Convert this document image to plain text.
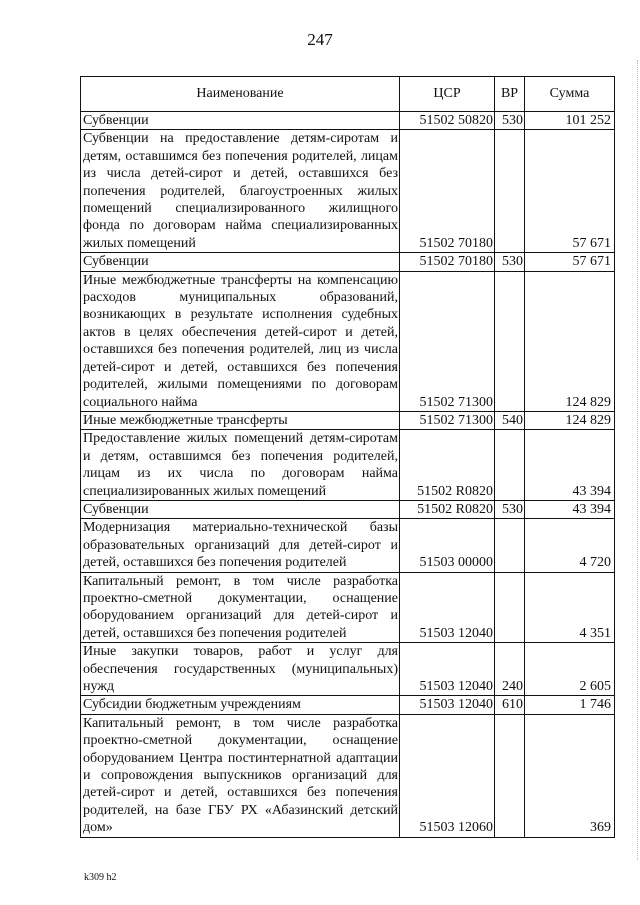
247
Наименование	ЦСР	ВР	Сумма
Субвенции	51502 50820	530	101 252
Субвенции на предоставление детям-сиротам и детям, оставшимся без попечения родителей, лицам из числа детей-сирот и детей, оставшихся без попечения родителей, благоустроенных жилых помещений специализированного жилищного фонда по договорам найма специализированных жилых помещений	51502 70180		57 671
Субвенции	51502 70180	530	57 671
Иные межбюджетные трансферты на компенсацию расходов муниципальных образований, возникающих в результате исполнения судебных актов в целях обеспечения детей-сирот и детей, оставшихся без попечения родителей, лиц из числа детей-сирот и детей, оставшихся без попечения родителей, жилыми помещениями по договорам социального найма	51502 71300		124 829
Иные межбюджетные трансферты	51502 71300	540	124 829
Предоставление жилых помещений детям-сиротам и детям, оставшимся без попечения родителей, лицам из их числа по договорам найма специализированных жилых помещений	51502 R0820		43 394
Субвенции	51502 R0820	530	43 394
Модернизация материально-технической базы образовательных организаций для детей-сирот и детей, оставшихся без попечения родителей	51503 00000		4 720
Капитальный ремонт, в том числе разработка проектно-сметной документации, оснащение оборудованием организаций для детей-сирот и детей, оставшихся без попечения родителей	51503 12040		4 351
Иные закупки товаров, работ и услуг для обеспечения государственных (муниципальных) нужд	51503 12040	240	2 605
Субсидии бюджетным учреждениям	51503 12040	610	1 746
Капитальный ремонт, в том числе разработка проектно-сметной документации, оснащение оборудованием Центра постинтернатной адаптации и сопровождения выпускников организаций для детей-сирот и детей, оставшихся без попечения родителей, на базе ГБУ РХ «Абазинский детский дом»	51503 12060		369
k309 h2
